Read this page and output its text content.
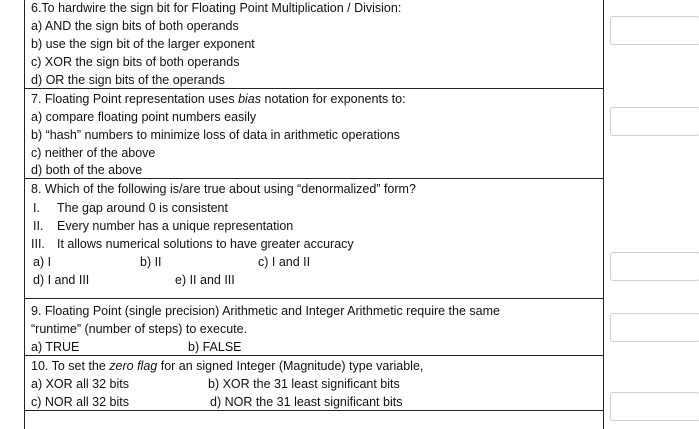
6.To hardwire the sign bit for Floating Point Multiplication / Division:
a) AND the sign bits of both operands
b) use the sign bit of the larger exponent
c) XOR the sign bits of both operands
d) OR the sign bits of the operands
7. Floating Point representation uses bias notation for exponents to:
a) compare floating point numbers easily
b) “hash” numbers to minimize loss of data in arithmetic operations
c) neither of the above
d) both of the above
8. Which of the following is/are true about using “denormalized” form?
I. The gap around 0 is consistent
II. Every number has a unique representation
III. It allows numerical solutions to have greater accuracy
a) I	b) II	c) I and II
d) I and III	e) II and III
9. Floating Point (single precision) Arithmetic and Integer Arithmetic require the same
“runtime” (number of steps) to execute.
a) TRUE	b) FALSE
10. To set the zero flag for an signed Integer (Magnitude) type variable,
a) XOR all 32 bits	b) XOR the 31 least significant bits
c) NOR all 32 bits	d) NOR the 31 least significant bits
